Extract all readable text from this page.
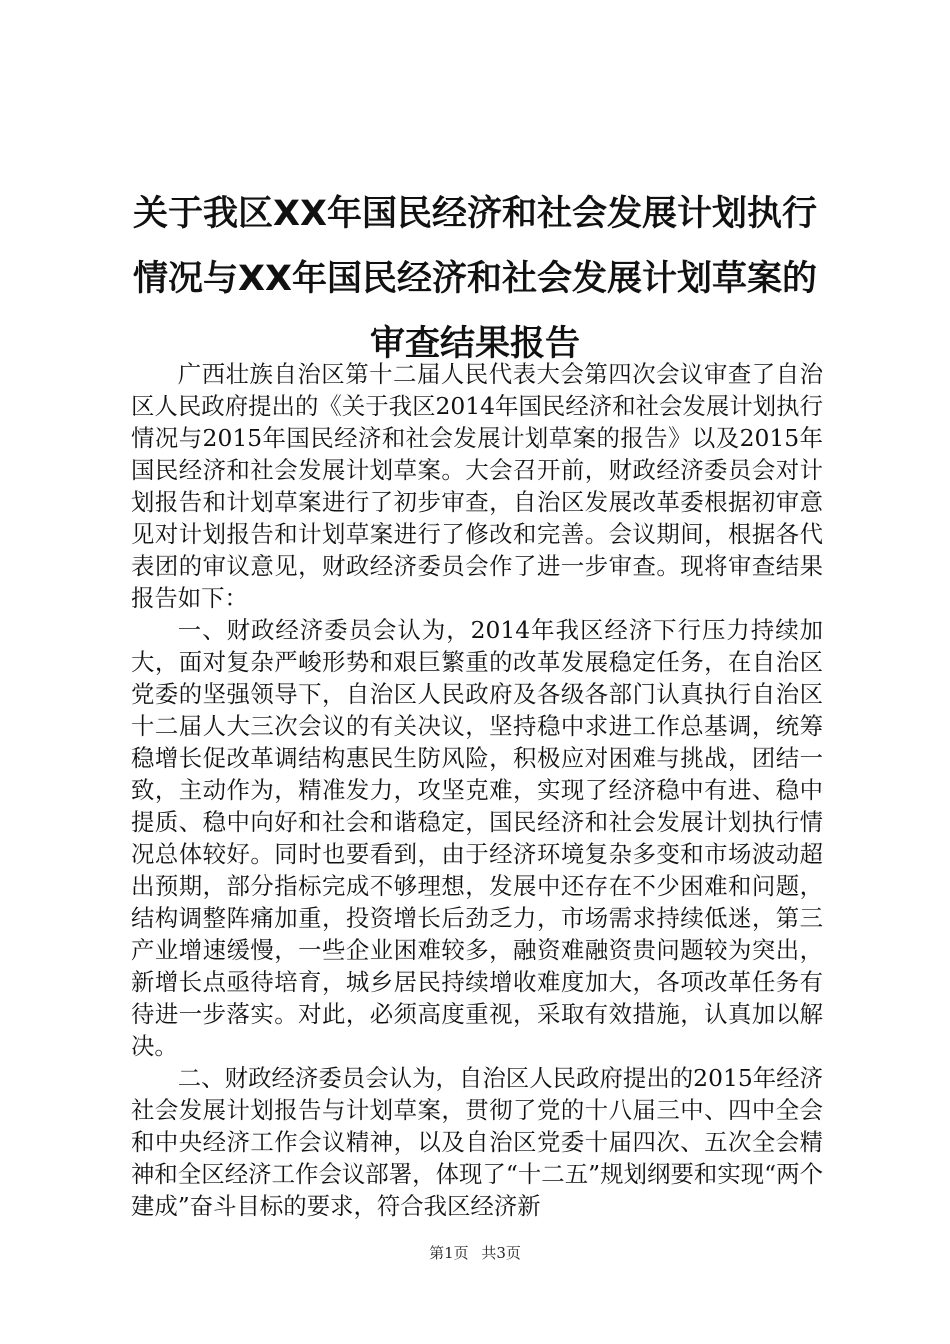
关于我区XX年国民经济和社会发展计划执行
情况与XX年国民经济和社会发展计划草案的
审查结果报告

广西壮族自治区第十二届人民代表大会第四次会议审查了自治区人民政府提出的《关于我区2014年国民经济和社会发展计划执行情况与2015年国民经济和社会发展计划草案的报告》以及2015年国民经济和社会发展计划草案。大会召开前，财政经济委员会对计划报告和计划草案进行了初步审查，自治区发展改革委根据初审意见对计划报告和计划草案进行了修改和完善。会议期间，根据各代表团的审议意见，财政经济委员会作了进一步审查。现将审查结果报告如下：

一、财政经济委员会认为，2014年我区经济下行压力持续加大，面对复杂严峻形势和艰巨繁重的改革发展稳定任务，在自治区党委的坚强领导下，自治区人民政府及各级各部门认真执行自治区十二届人大三次会议的有关决议，坚持稳中求进工作总基调，统筹稳增长促改革调结构惠民生防风险，积极应对困难与挑战，团结一致，主动作为，精准发力，攻坚克难，实现了经济稳中有进、稳中提质、稳中向好和社会和谐稳定，国民经济和社会发展计划执行情况总体较好。同时也要看到，由于经济环境复杂多变和市场波动超出预期，部分指标完成不够理想，发展中还存在不少困难和问题，结构调整阵痛加重，投资增长后劲乏力，市场需求持续低迷，第三产业增速缓慢，一些企业困难较多，融资难融资贵问题较为突出，新增长点亟待培育，城乡居民持续增收难度加大，各项改革任务有待进一步落实。对此，必须高度重视，采取有效措施，认真加以解决。

二、财政经济委员会认为，自治区人民政府提出的2015年经济社会发展计划报告与计划草案，贯彻了党的十八届三中、四中全会和中央经济工作会议精神，以及自治区党委十届四次、五次全会精神和全区经济工作会议部署，体现了“十二五”规划纲要和实现“两个建成”奋斗目标的要求，符合我区经济新

第1页 共3页
